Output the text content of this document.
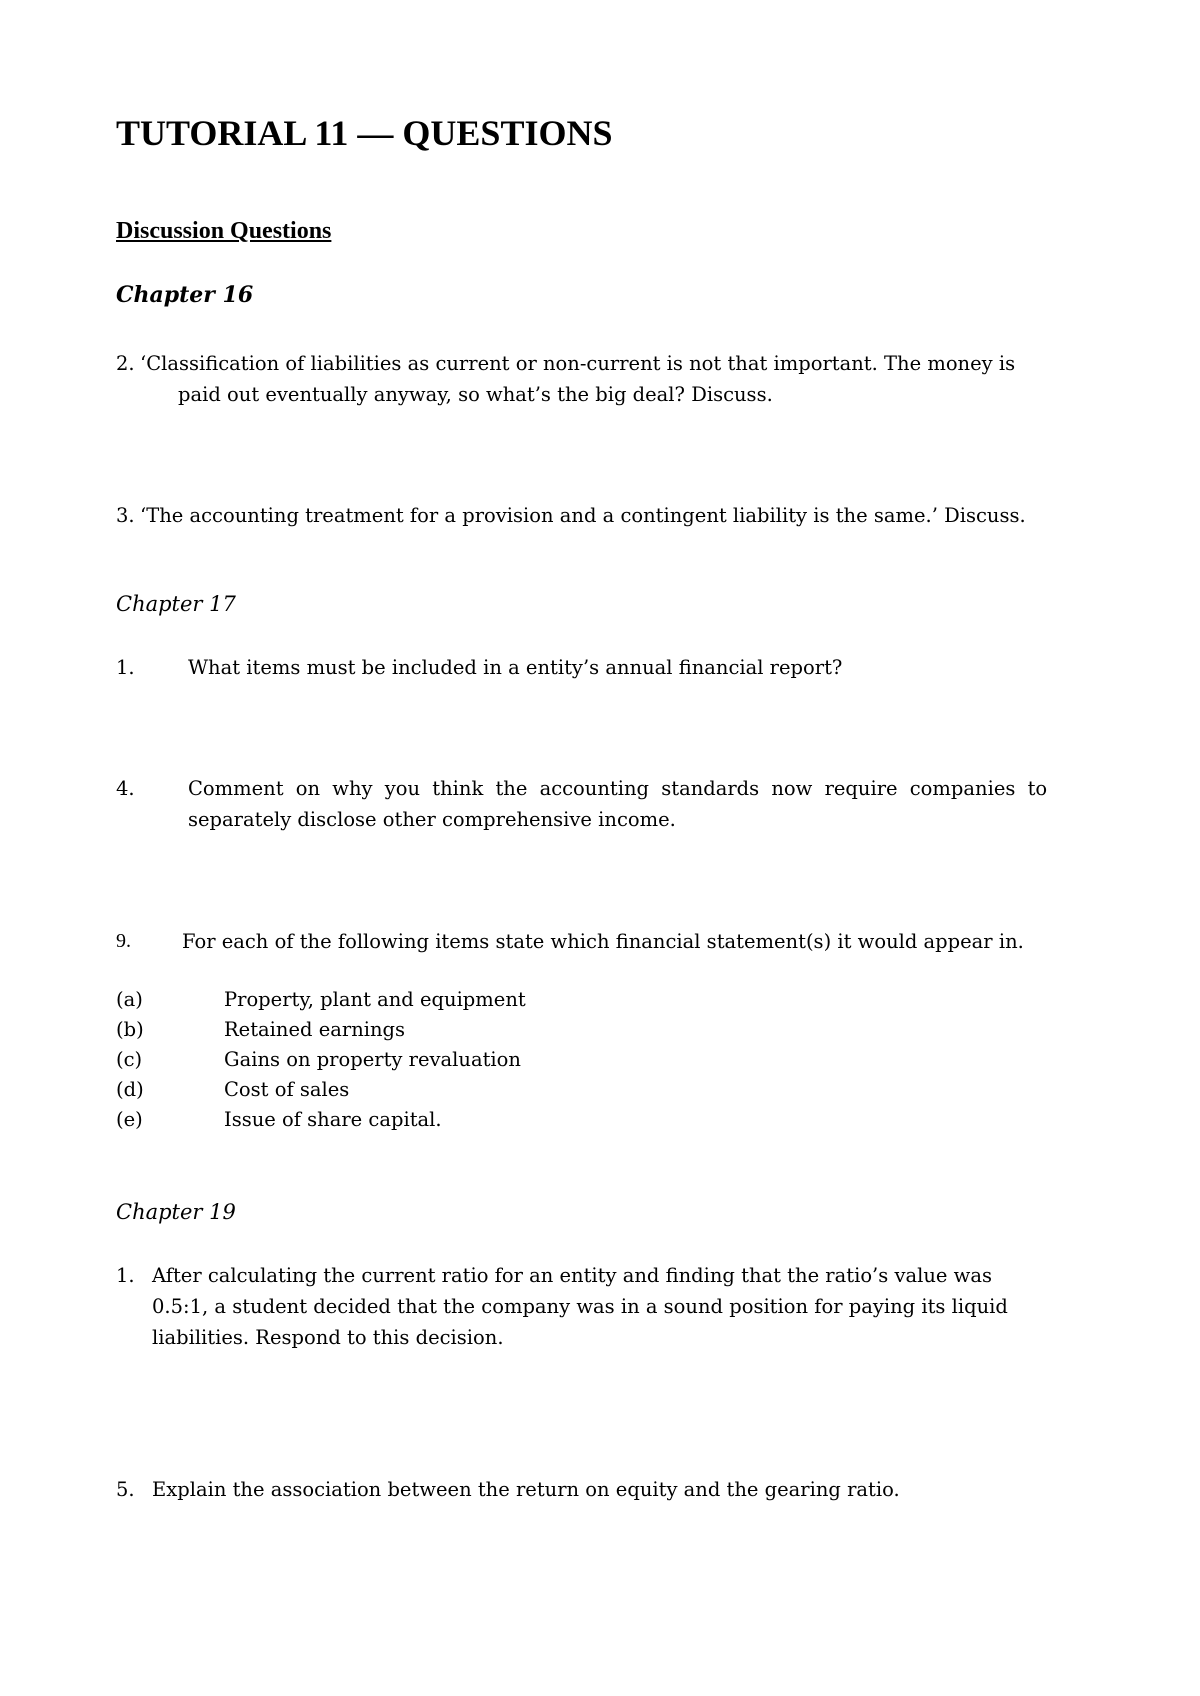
TUTORIAL 11 — QUESTIONS
Discussion Questions
Chapter 16
2. ‘Classification of liabilities as current or non-current is not that important. The money is
paid out eventually anyway, so what’s the big deal? Discuss.
3. ‘The accounting treatment for a provision and a contingent liability is the same.’ Discuss.
Chapter 17
1.	What items must be included in a entity’s annual financial report?
4.	Comment on why you think the accounting standards now require companies to
separately disclose other comprehensive income.
9.	For each of the following items state which financial statement(s) it would appear in.
(a)	Property, plant and equipment
(b)	Retained earnings
(c)	Gains on property revaluation
(d)	Cost of sales
(e)	Issue of share capital.
Chapter 19
1. After calculating the current ratio for an entity and finding that the ratio’s value was
0.5:1, a student decided that the company was in a sound position for paying its liquid
liabilities. Respond to this decision.
5. Explain the association between the return on equity and the gearing ratio.
